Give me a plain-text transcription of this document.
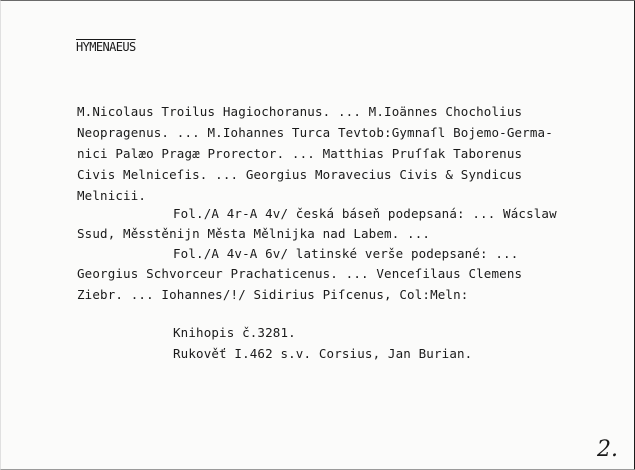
HYMENAEUS

M.Nicolaus Troilus Hagiochoranus. ... M.Ioännes Chocholius

Neopragenus. ... M.Iohannes Turca Tevtob:Gymnaſl Bojemo-Germa-

nici Palæo Pragæ Prorector. ... Matthias Pruſſak Taborenus

Civis Melniceſis. ... Georgius Moravecius Civis & Syndicus

Melnicii.

Fol./A 4r-A 4v/ česká báseň podepsaná: ... Wácslaw

Ssud, Měsstěnijn Města Mělnijka nad Labem. ...

Fol./A 4v-A 6v/ latinské verše podepsané: ...

Georgius Schvorceur Prachaticenus. ... Venceſilaus Clemens

Ziebr. ... Iohannes/!/ Sidirius Piſcenus, Col:Meln:

Knihopis č.3281.

Rukověť I.462 s.v. Corsius, Jan Burian.

2.
